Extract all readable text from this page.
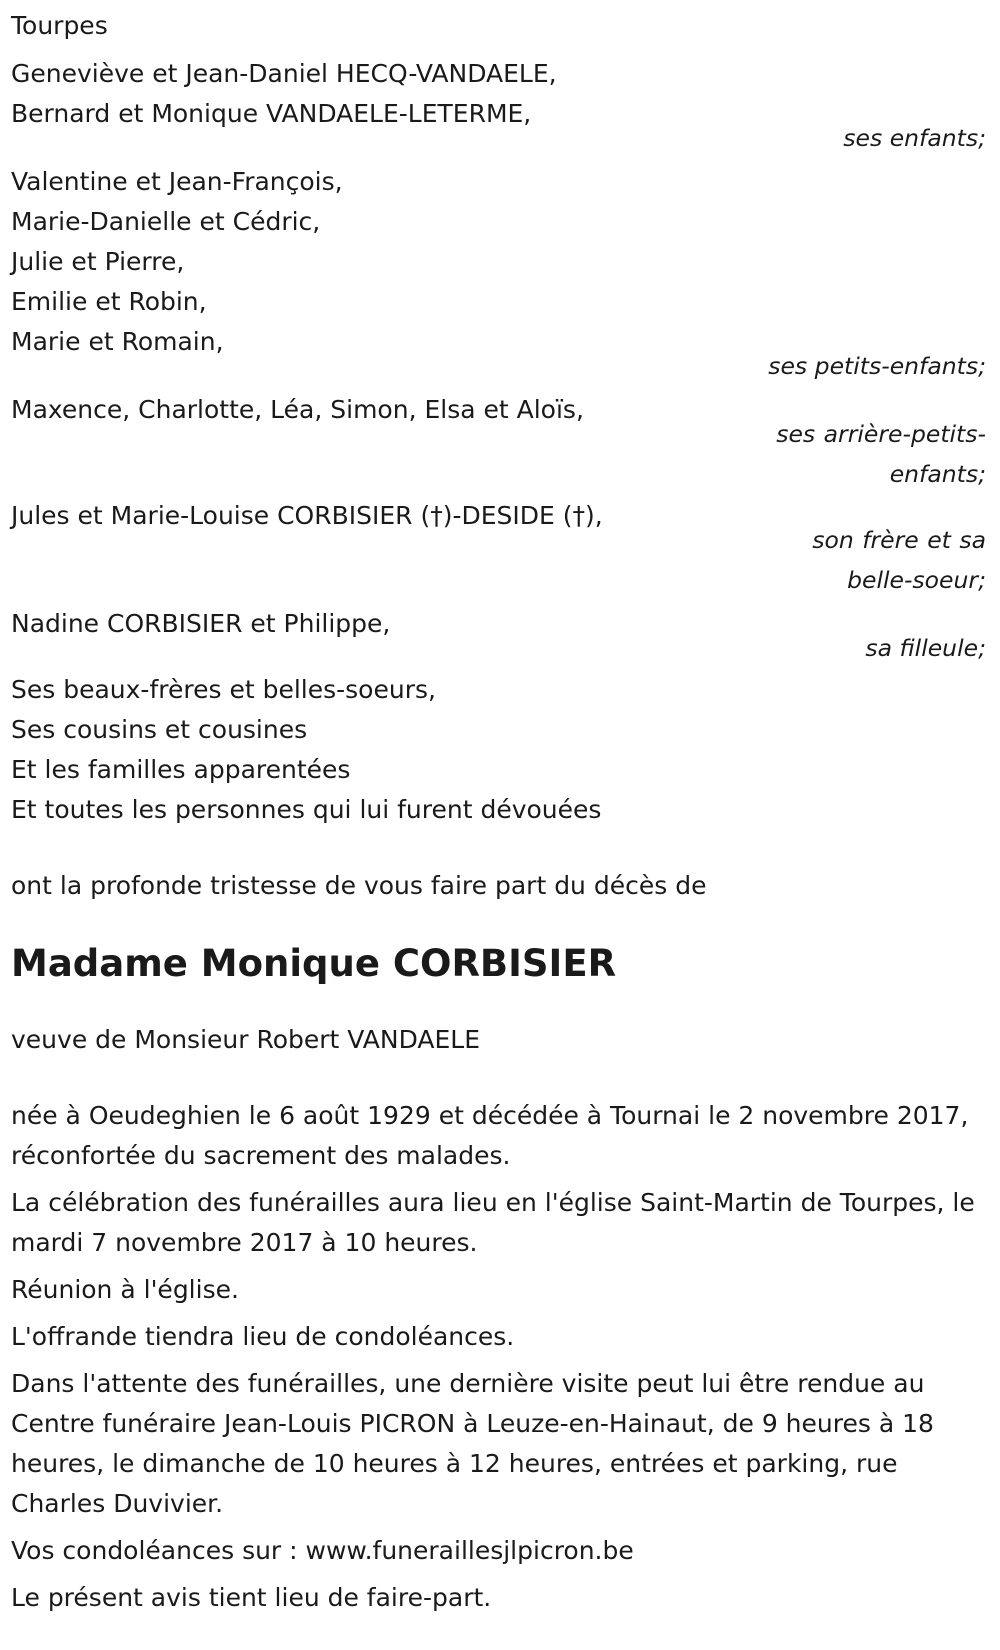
Tourpes
Geneviève et Jean-Daniel HECQ-VANDAELE,
Bernard et Monique VANDAELE-LETERME,
ses enfants;
Valentine et Jean-François,
Marie-Danielle et Cédric,
Julie et Pierre,
Emilie et Robin,
Marie et Romain,
ses petits-enfants;
Maxence, Charlotte, Léa, Simon, Elsa et Aloïs,
ses arrière-petits-enfants;
Jules et Marie-Louise CORBISIER (†)-DESIDE (†),
son frère et sa belle-soeur;
Nadine CORBISIER et Philippe,
sa filleule;
Ses beaux-frères et belles-soeurs,
Ses cousins et cousines
Et les familles apparentées
Et toutes les personnes qui lui furent dévouées
ont la profonde tristesse de vous faire part du décès de
Madame Monique CORBISIER
veuve de Monsieur Robert VANDAELE
née à Oeudeghien le 6 août 1929 et décédée à Tournai le 2 novembre 2017, réconfortée du sacrement des malades.
La célébration des funérailles aura lieu en l'église Saint-Martin de Tourpes, le mardi 7 novembre 2017 à 10 heures.
Réunion à l'église.
L'offrande tiendra lieu de condoléances.
Dans l'attente des funérailles, une dernière visite peut lui être rendue au Centre funéraire Jean-Louis PICRON à Leuze-en-Hainaut, de 9 heures à 18 heures, le dimanche de 10 heures à 12 heures, entrées et parking, rue Charles Duvivier.
Vos condoléances sur : www.funeraillesjlpicron.be
Le présent avis tient lieu de faire-part.
